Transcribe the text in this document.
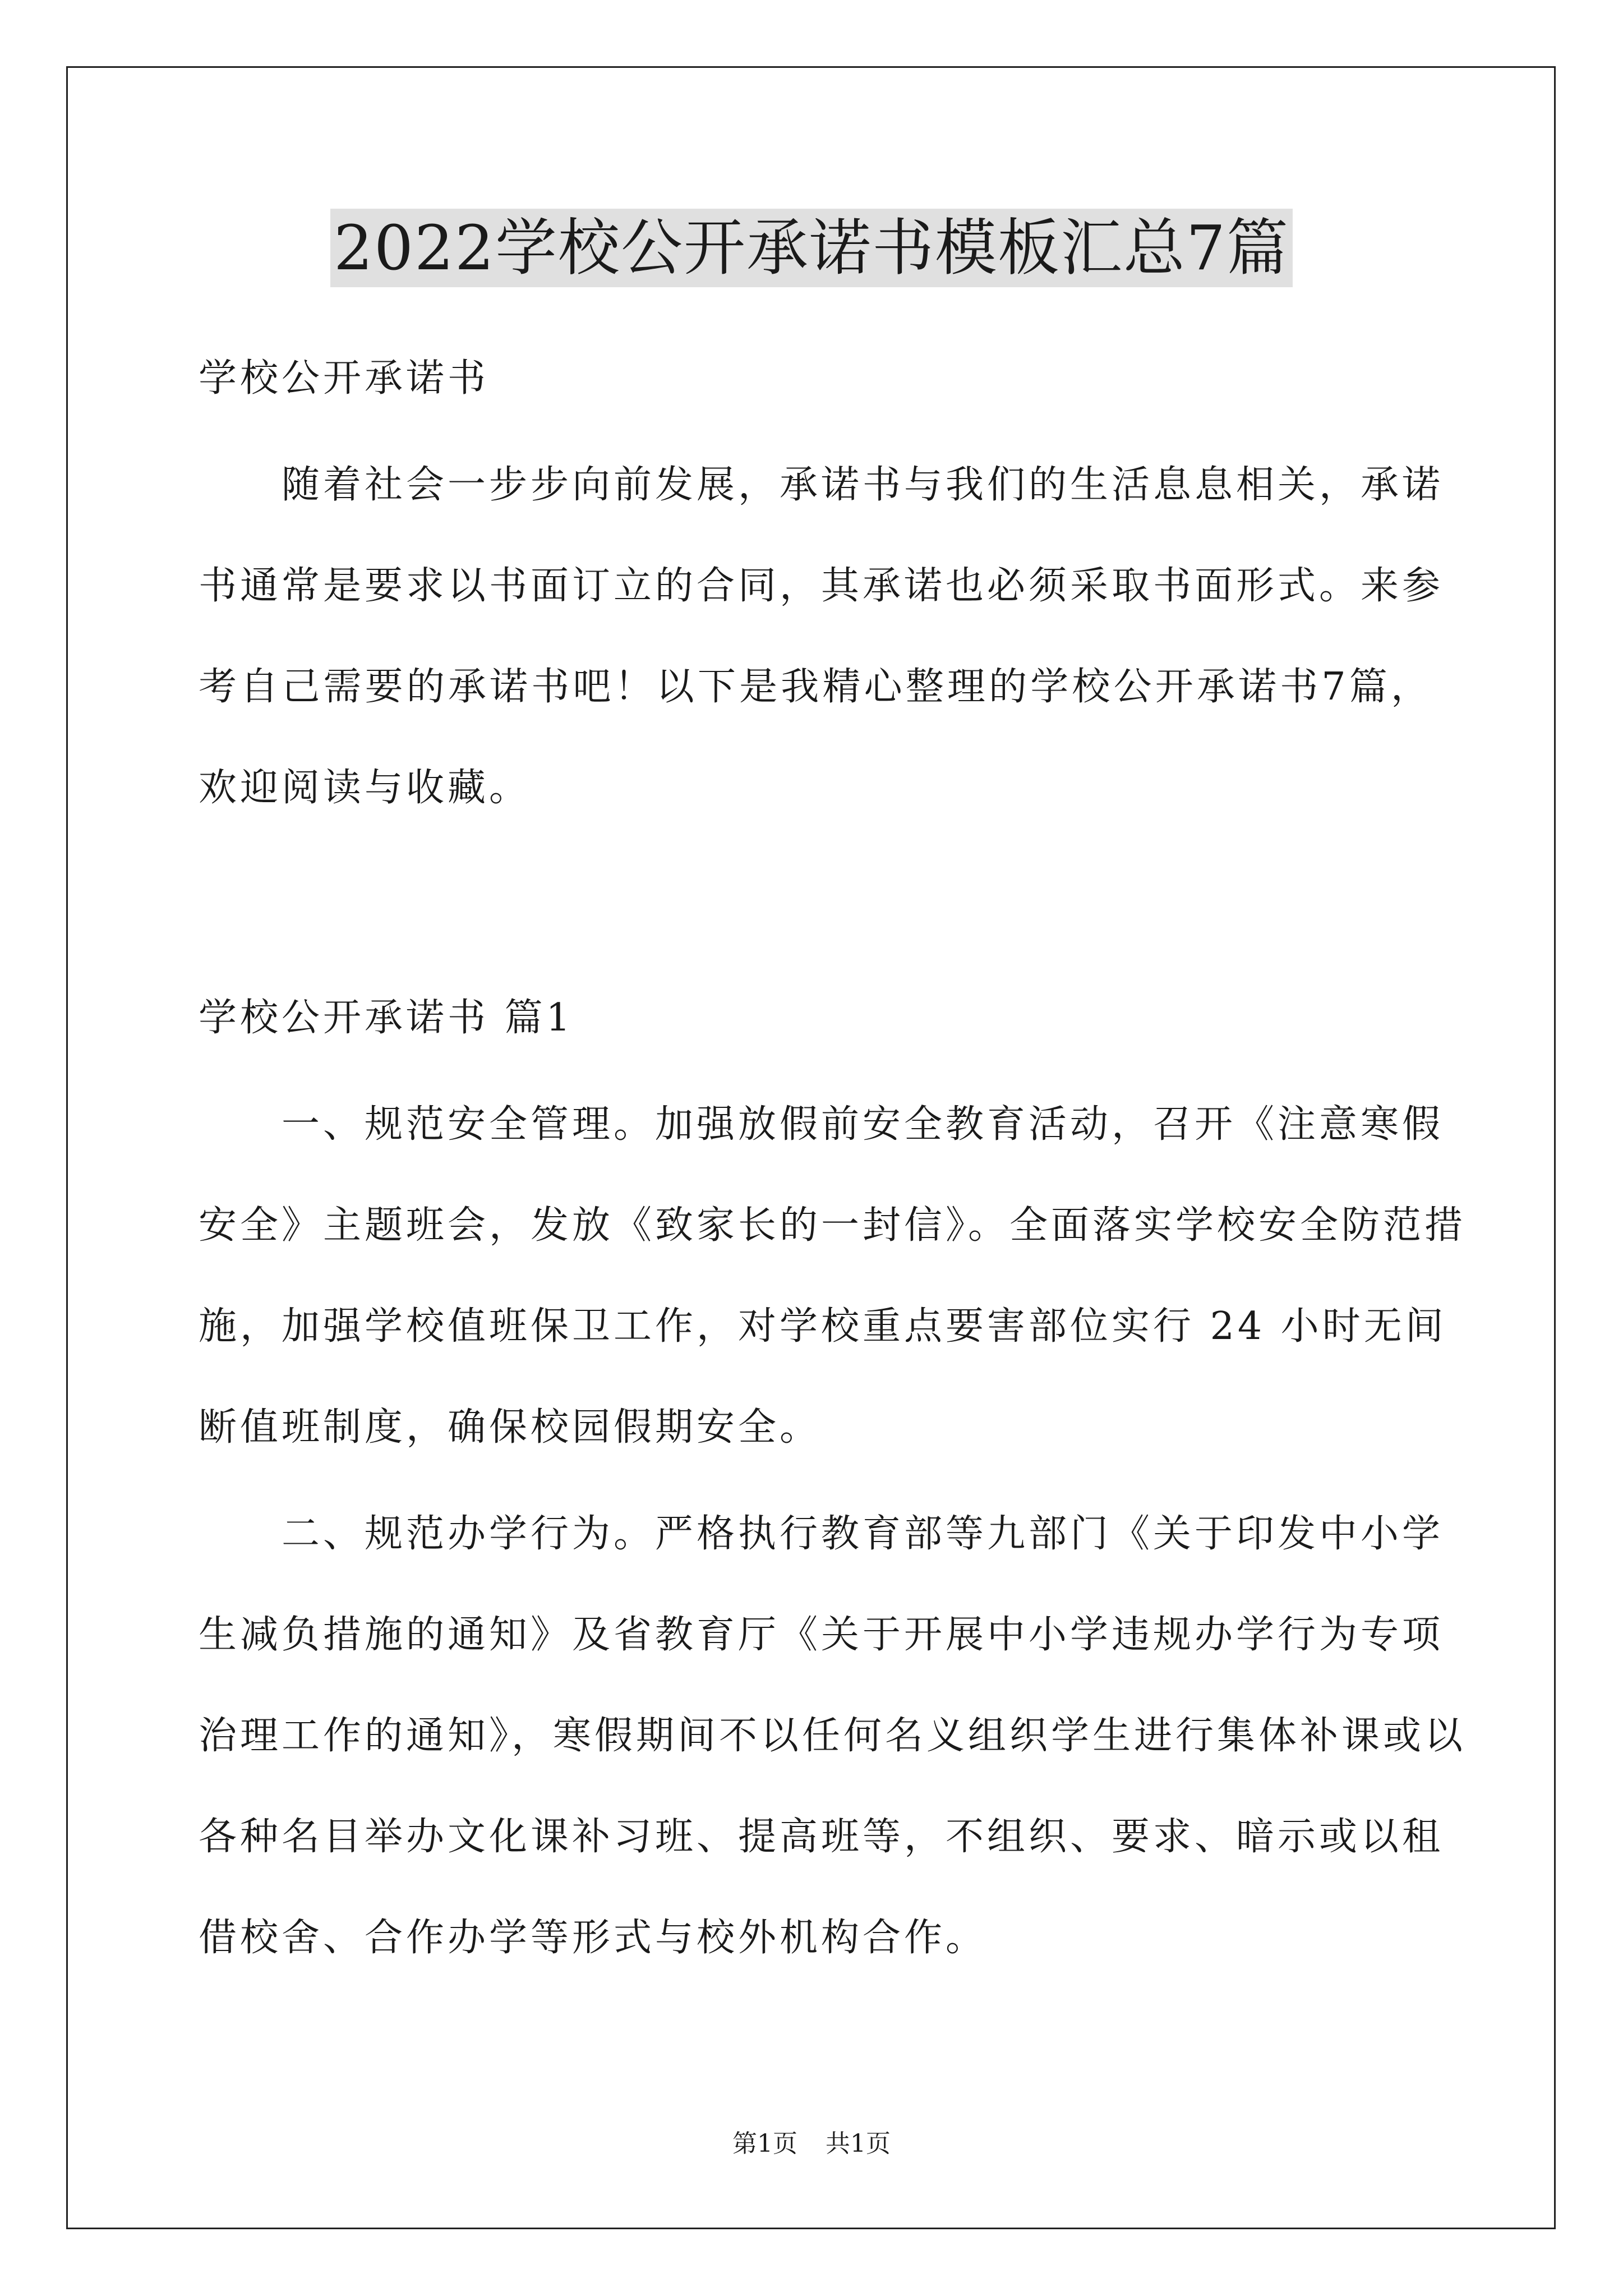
2022学校公开承诺书模板汇总7篇
学校公开承诺书
随着社会一步步向前发展，承诺书与我们的生活息息相关，承诺
书通常是要求以书面订立的合同，其承诺也必须采取书面形式。来参
考自己需要的承诺书吧！以下是我精心整理的学校公开承诺书7篇，
欢迎阅读与收藏。
学校公开承诺书 篇1
一、规范安全管理。加强放假前安全教育活动，召开《注意寒假
安全》主题班会，发放《致家长的一封信》。全面落实学校安全防范措
施，加强学校值班保卫工作，对学校重点要害部位实行 24 小时无间
断值班制度，确保校园假期安全。
二、规范办学行为。严格执行教育部等九部门《关于印发中小学
生减负措施的通知》及省教育厅《关于开展中小学违规办学行为专项
治理工作的通知》，寒假期间不以任何名义组织学生进行集体补课或以
各种名目举办文化课补习班、提高班等，不组织、要求、暗示或以租
借校舍、合作办学等形式与校外机构合作。
第1页 共1页
